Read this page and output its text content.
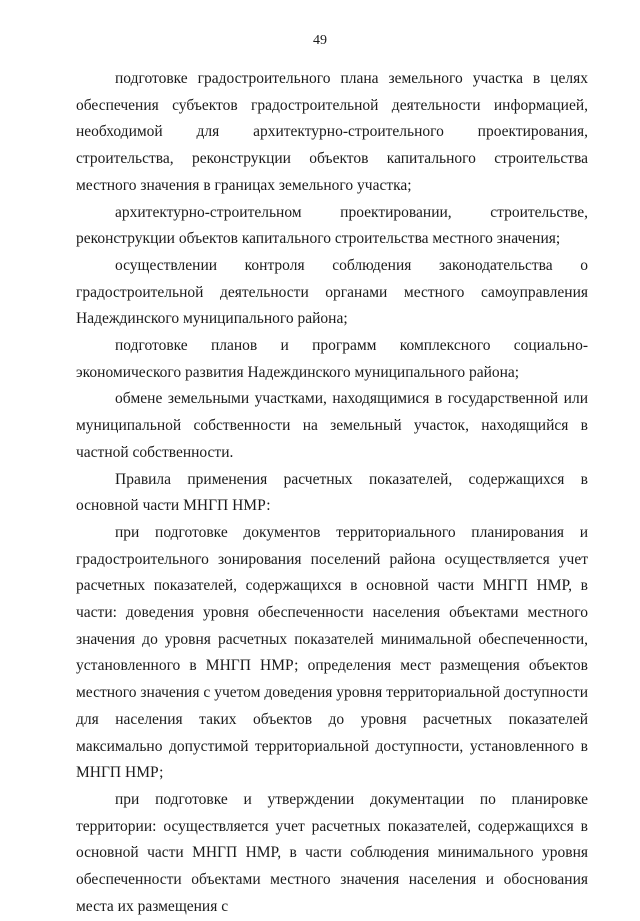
49

подготовке градостроительного плана земельного участка в целях обеспечения субъектов градостроительной деятельности информацией, необходимой для архитектурно-строительного проектирования, строительства, реконструкции объектов капитального строительства местного значения в границах земельного участка;

архитектурно-строительном проектировании, строительстве, реконструкции объектов капитального строительства местного значения;

осуществлении контроля соблюдения законодательства о градостроительной деятельности органами местного самоуправления Надеждинского муниципального района;

подготовке планов и программ комплексного социально-экономического развития Надеждинского муниципального района;

обмене земельными участками, находящимися в государственной или муниципальной собственности на земельный участок, находящийся в частной собственности.

Правила применения расчетных показателей, содержащихся в основной части МНГП НМР:

при подготовке документов территориального планирования и градостроительного зонирования поселений района осуществляется учет расчетных показателей, содержащихся в основной части МНГП НМР, в части: доведения уровня обеспеченности населения объектами местного значения до уровня расчетных показателей минимальной обеспеченности, установленного в МНГП НМР; определения мест размещения объектов местного значения с учетом доведения уровня территориальной доступности для населения таких объектов до уровня расчетных показателей максимально допустимой территориальной доступности, установленного в МНГП НМР;

при подготовке и утверждении документации по планировке территории: осуществляется учет расчетных показателей, содержащихся в основной части МНГП НМР, в части соблюдения минимального уровня обеспеченности объектами местного значения населения и обоснования места их размещения с
